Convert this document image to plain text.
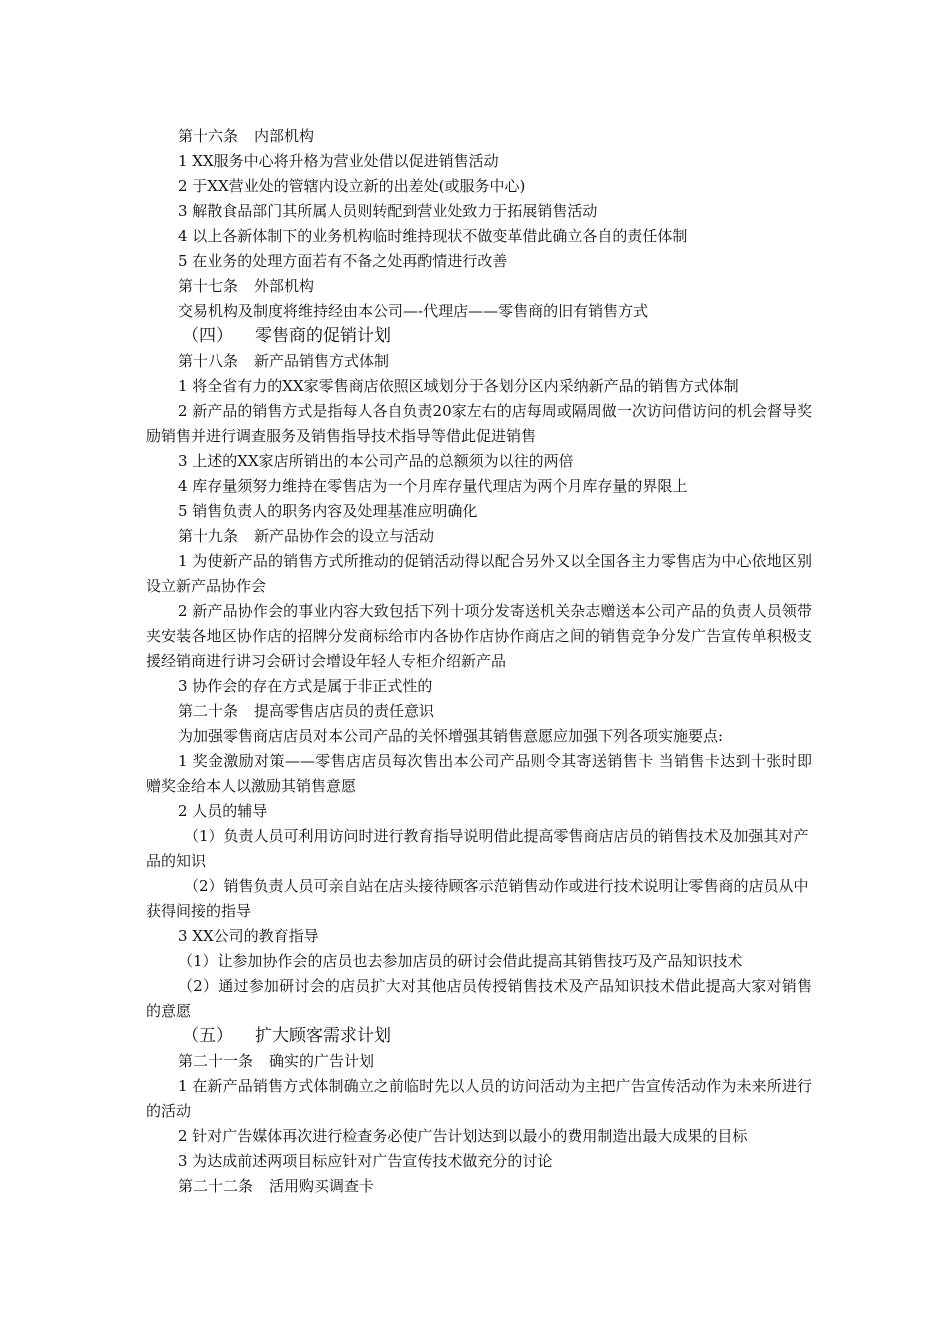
第十六条 内部机构
1 XX服务中心将升格为营业处借以促进销售活动
2 于XX营业处的管辖内设立新的出差处(或服务中心)
3 解散食品部门其所属人员则转配到营业处致力于拓展销售活动
4 以上各新体制下的业务机构临时维持现状不做变革借此确立各自的责任体制
5 在业务的处理方面若有不备之处再酌情进行改善
第十七条 外部机构
交易机构及制度将维持经由本公司—-代理店——零售商的旧有销售方式
（四） 零售商的促销计划
第十八条 新产品销售方式体制
1 将全省有力的XX家零售商店依照区域划分于各划分区内采纳新产品的销售方式体制
2 新产品的销售方式是指每人各自负责20家左右的店每周或隔周做一次访问借访问的机会督导奖励销售并进行调查服务及销售指导技术指导等借此促进销售
3 上述的XX家店所销出的本公司产品的总额须为以往的两倍
4 库存量须努力维持在零售店为一个月库存量代理店为两个月库存量的界限上
5 销售负责人的职务内容及处理基准应明确化
第十九条 新产品协作会的设立与活动
1 为使新产品的销售方式所推动的促销活动得以配合另外又以全国各主力零售店为中心依地区别设立新产品协作会
2 新产品协作会的事业内容大致包括下列十项分发寄送机关杂志赠送本公司产品的负责人员领带夹安装各地区协作店的招牌分发商标给市内各协作店协作商店之间的销售竞争分发广告宣传单积极支援经销商进行讲习会研讨会增设年轻人专柜介绍新产品
3 协作会的存在方式是属于非正式性的
第二十条 提高零售店店员的责任意识
为加强零售商店店员对本公司产品的关怀增强其销售意愿应加强下列各项实施要点:
1 奖金激励对策——零售店店员每次售出本公司产品则令其寄送销售卡 当销售卡达到十张时即赠奖金给本人以激励其销售意愿
2 人员的辅导
（1）负责人员可利用访问时进行教育指导说明借此提高零售商店店员的销售技术及加强其对产品的知识
（2）销售负责人员可亲自站在店头接待顾客示范销售动作或进行技术说明让零售商的店员从中获得间接的指导
3 XX公司的教育指导
（1）让参加协作会的店员也去参加店员的研讨会借此提高其销售技巧及产品知识技术
（2）通过参加研讨会的店员扩大对其他店员传授销售技术及产品知识技术借此提高大家对销售的意愿
（五） 扩大顾客需求计划
第二十一条 确实的广告计划
1 在新产品销售方式体制确立之前临时先以人员的访问活动为主把广告宣传活动作为未来所进行的活动
2 针对广告媒体再次进行检查务必使广告计划达到以最小的费用制造出最大成果的目标
3 为达成前述两项目标应针对广告宣传技术做充分的讨论
第二十二条 活用购买调查卡
